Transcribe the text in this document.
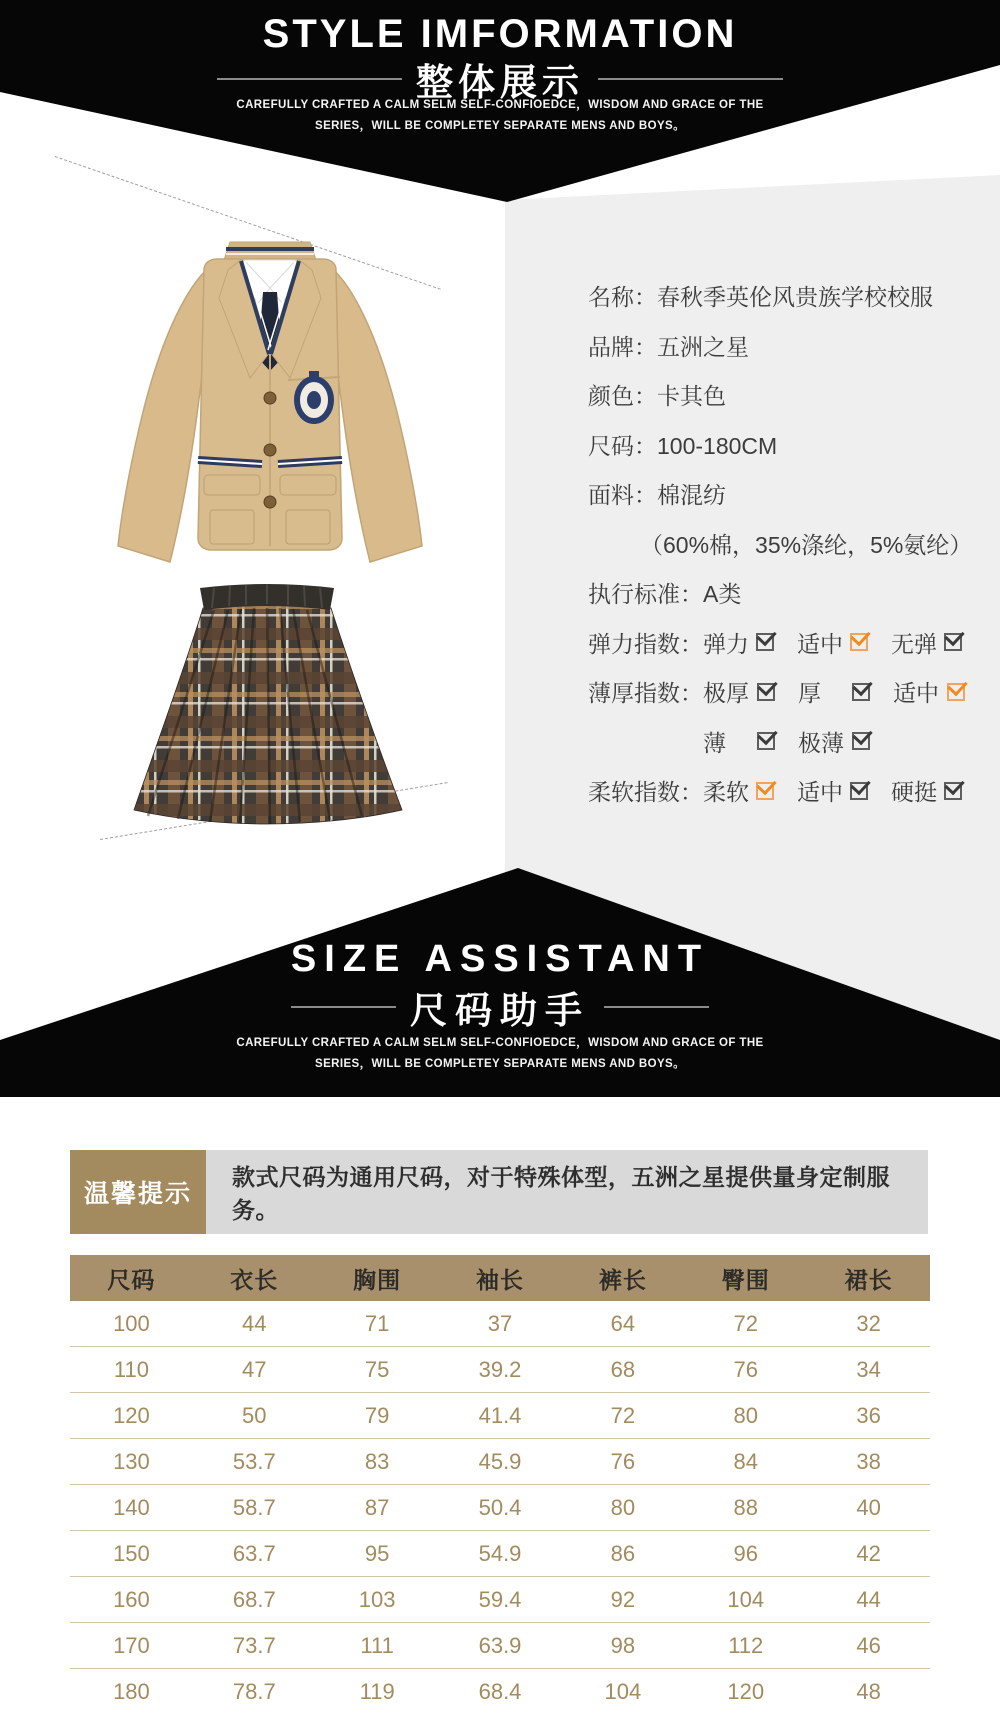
STYLE IMFORMATION
整体展示
CAREFULLY CRAFTED A CALM SELM SELF-CONFIOEDCE，WISDOM AND GRACE OF THE
SERIES，WILL BE COMPLETEY SEPARATE MENS AND BOYS。
名称：春秋季英伦风贵族学校校服
品牌：五洲之星
颜色：卡其色
尺码：100-180CM
面料：棉混纺
（60%棉，35%涤纶，5%氨纶）
执行标准：A类
弹力指数： 弹力 适中 无弹
薄厚指数： 极厚 厚	适中
薄	极薄
柔软指数： 柔软 适中 硬挺
SIZE ASSISTANT
尺码助手
CAREFULLY CRAFTED A CALM SELM SELF-CONFIOEDCE，WISDOM AND GRACE OF THE
SERIES，WILL BE COMPLETEY SEPARATE MENS AND BOYS。
温馨提示
款式尺码为通用尺码，对于特殊体型，五洲之星提供量身定制服务。
尺码	衣长	胸围	袖长	裤长	臀围	裙长
100	44	71	37	64	72	32
110	47	75	39.2	68	76	34
120	50	79	41.4	72	80	36
130	53.7	83	45.9	76	84	38
140	58.7	87	50.4	80	88	40
150	63.7	95	54.9	86	96	42
160	68.7	103	59.4	92	104	44
170	73.7	111	63.9	98	112	46
180	78.7	119	68.4	104	120	48
